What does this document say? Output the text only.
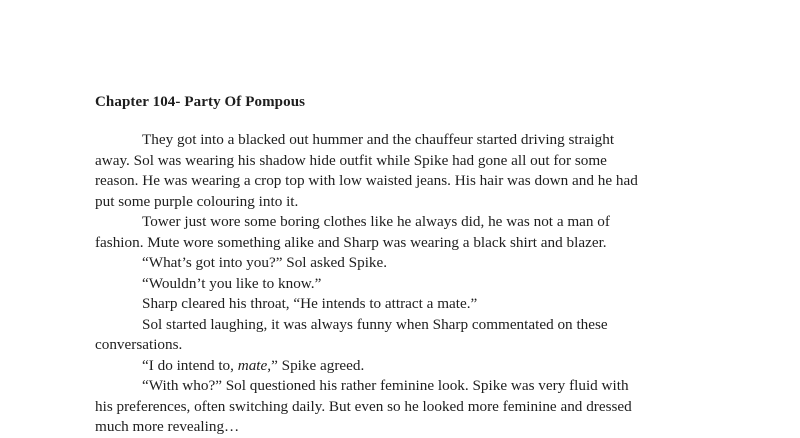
Chapter 104- Party Of Pompous
They got into a blacked out hummer and the chauffeur started driving straight
away. Sol was wearing his shadow hide outfit while Spike had gone all out for some
reason. He was wearing a crop top with low waisted jeans. His hair was down and he had
put some purple colouring into it.
Tower just wore some boring clothes like he always did, he was not a man of
fashion. Mute wore something alike and Sharp was wearing a black shirt and blazer.
“What’s got into you?” Sol asked Spike.
“Wouldn’t you like to know.”
Sharp cleared his throat, “He intends to attract a mate.”
Sol started laughing, it was always funny when Sharp commentated on these
conversations.
“I do intend to, mate,” Spike agreed.
“With who?” Sol questioned his rather feminine look. Spike was very fluid with
his preferences, often switching daily. But even so he looked more feminine and dressed
much more revealing…
